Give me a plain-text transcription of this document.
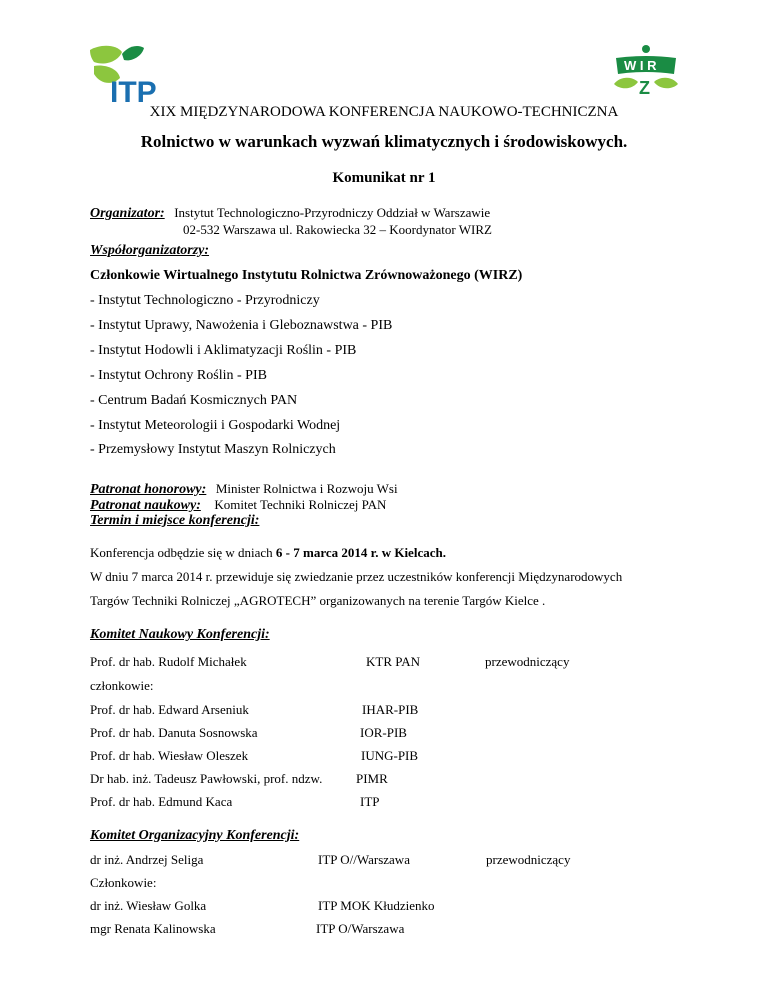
ITP
W I R
Z
XIX MIĘDZYNARODOWA KONFERENCJA NAUKOWO-TECHNICZNA
Rolnictwo w warunkach wyzwań klimatycznych i środowiskowych.
Komunikat nr 1
Organizator: Instytut Technologiczno-Przyrodniczy Oddział w Warszawie
02-532 Warszawa ul. Rakowiecka 32 – Koordynator WIRZ
Współorganizatorzy:
Członkowie Wirtualnego Instytutu Rolnictwa Zrównoważonego (WIRZ)
- Instytut Technologiczno - Przyrodniczy
- Instytut Uprawy, Nawożenia i Gleboznawstwa - PIB
- Instytut Hodowli i Aklimatyzacji Roślin - PIB
- Instytut Ochrony Roślin - PIB
- Centrum Badań Kosmicznych PAN
- Instytut Meteorologii i Gospodarki Wodnej
- Przemysłowy Instytut Maszyn Rolniczych
Patronat honorowy: Minister Rolnictwa i Rozwoju Wsi
Patronat naukowy: Komitet Techniki Rolniczej PAN
Termin i miejsce konferencji:
Konferencja odbędzie się w dniach 6 - 7 marca 2014 r. w Kielcach.
W dniu 7 marca 2014 r. przewiduje się zwiedzanie przez uczestników konferencji Międzynarodowych
Targów Techniki Rolniczej „AGROTECH” organizowanych na terenie Targów Kielce .
Komitet Naukowy Konferencji:
Prof. dr hab. Rudolf Michałek	KTR PAN	przewodniczący
członkowie:
Prof. dr hab. Edward Arseniuk	IHAR-PIB
Prof. dr hab. Danuta Sosnowska	IOR-PIB
Prof. dr hab. Wiesław Oleszek	IUNG-PIB
Dr hab. inż. Tadeusz Pawłowski, prof. ndzw.	PIMR
Prof. dr hab. Edmund Kaca	ITP
Komitet Organizacyjny Konferencji:
dr inż. Andrzej Seliga	ITP O//Warszawa	przewodniczący
Członkowie:
dr inż. Wiesław Golka	ITP MOK Kłudzienko
mgr Renata Kalinowska	ITP O/Warszawa
